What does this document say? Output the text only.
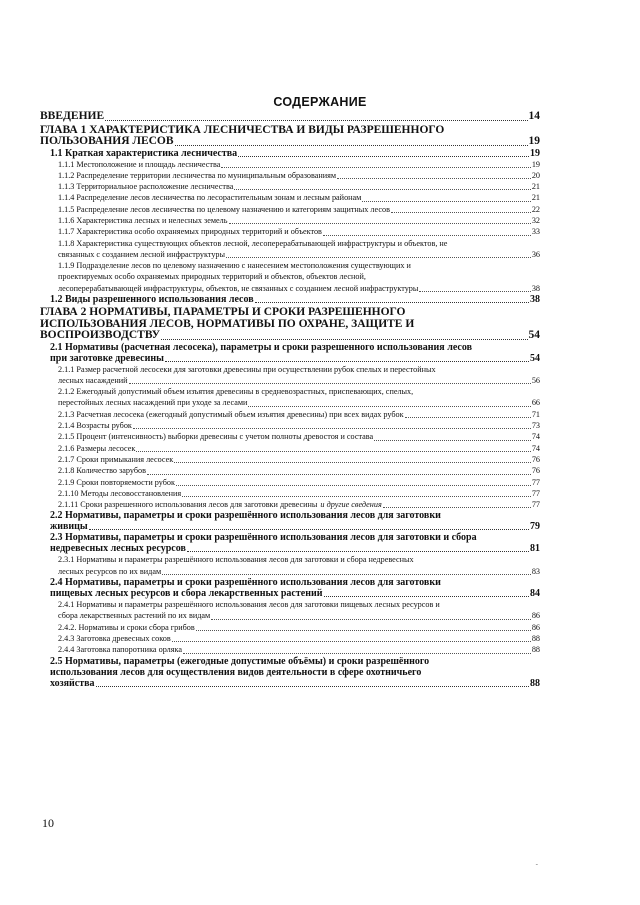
СОДЕРЖАНИЕ
ВВЕДЕНИЕ	14
ГЛАВА 1 ХАРАКТЕРИСТИКА ЛЕСНИЧЕСТВА И ВИДЫ РАЗРЕШЕННОГО
ПОЛЬЗОВАНИЯ ЛЕСОВ	19
1.1 Краткая характеристика лесничества	19
1.1.1 Местоположение и площадь лесничества	19
1.1.2 Распределение территории лесничества по муниципальным образованиям	20
1.1.3 Территориальное расположение лесничества	21
1.1.4 Распределение лесов лесничества по лесорастительным зонам и лесным районам	21
1.1.5 Распределение лесов лесничества по целевому назначению и категориям защитных лесов	22
1.1.6 Характеристика лесных и нелесных земель	32
1.1.7 Характеристика особо охраняемых природных территорий и объектов	33
1.1.8 Характеристика существующих объектов лесной, лесоперерабатывающей инфраструктуры и объектов, не
связанных с созданием лесной инфраструктуры	36
1.1.9 Подразделение лесов по целевому назначению с нанесением местоположения существующих и
проектируемых особо охраняемых природных территорий и объектов, объектов лесной,
лесоперерабатывающей инфраструктуры, объектов, не связанных с созданием лесной инфраструктуры	38
1.2 Виды разрешенного использования лесов	38
ГЛАВА 2 НОРМАТИВЫ, ПАРАМЕТРЫ И СРОКИ РАЗРЕШЕННОГО
ИСПОЛЬЗОВАНИЯ ЛЕСОВ, НОРМАТИВЫ ПО ОХРАНЕ, ЗАЩИТЕ И
ВОСПРОИЗВОДСТВУ	54
2.1 Нормативы (расчетная лесосека), параметры и сроки разрешенного использования лесов
при заготовке древесины	54
2.1.1 Размер расчетной лесосеки для заготовки древесины при осуществлении рубок спелых и перестойных
лесных насаждений	56
2.1.2 Ежегодный допустимый объем изъятия древесины в средневозрастных, приспевающих, спелых,
перестойных лесных насаждений при уходе за лесами	66
2.1.3 Расчетная лесосека (ежегодный допустимый объем изъятия древесины) при всех видах рубок	71
2.1.4 Возрасты рубок	73
2.1.5 Процент (интенсивность) выборки древесины с учетом полноты древостоя и состава	74
2.1.6 Размеры лесосек	74
2.1.7 Сроки примыкания лесосек	76
2.1.8 Количество зарубов	76
2.1.9 Сроки повторяемости рубок	77
2.1.10 Методы лесовосстановления	77
2.1.11 Сроки разрешенного использования лесов для заготовки древесины и другие сведения	77
2.2 Нормативы, параметры и сроки разрешённого использования лесов для заготовки
живицы	79
2.3 Нормативы, параметры и сроки разрешённого использования лесов для заготовки и сбора
недревесных лесных ресурсов	81
2.3.1 Нормативы и параметры разрешённого использования лесов для заготовки и сбора недревесных
лесных ресурсов по их видам	83
2.4 Нормативы, параметры и сроки разрешённого использования лесов для заготовки
пищевых лесных ресурсов и сбора лекарственных растений	84
2.4.1 Нормативы и параметры разрешённого использования лесов для заготовки пищевых лесных ресурсов и
сбора лекарственных растений по их видам	86
2.4.2. Нормативы и сроки сбора грибов	86
2.4.3 Заготовка древесных соков	88
2.4.4 Заготовка папоротника орляка	88
2.5 Нормативы, параметры (ежегодные допустимые объёмы) и сроки разрешённого
использования лесов для осуществления видов деятельности в сфере охотничьего
хозяйства	88
10
-
